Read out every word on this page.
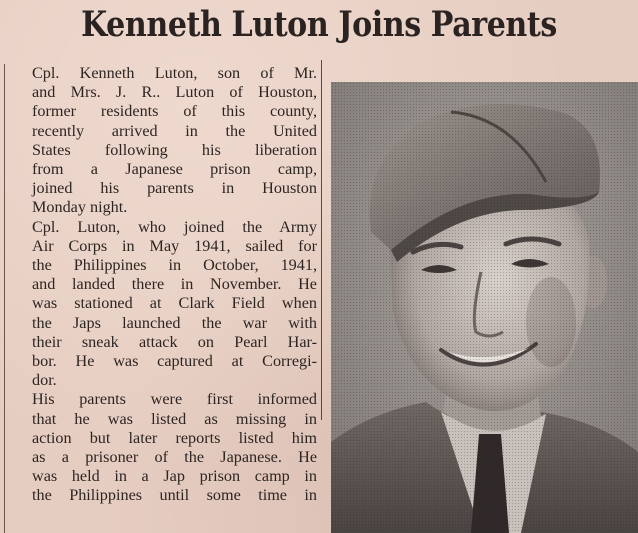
Kenneth Luton Joins Parents

Cpl. Kenneth Luton, son of Mr.
and Mrs. J. R.. Luton of Houston,
former residents of this county,
recently arrived in the United
States following his liberation
from a Japanese prison camp,
joined his parents in Houston
Monday night.

Cpl. Luton, who joined the Army
Air Corps in May 1941, sailed for
the Philippines in October, 1941,
and landed there in November. He
was stationed at Clark Field when
the Japs launched the war with
their sneak attack on Pearl Har-
bor. He was captured at Corregi-
dor.

His parents were first informed
that he was listed as missing in
action but later reports listed him
as a prisoner of the Japanese. He
was held in a Jap prison camp in
the Philippines until some time in
